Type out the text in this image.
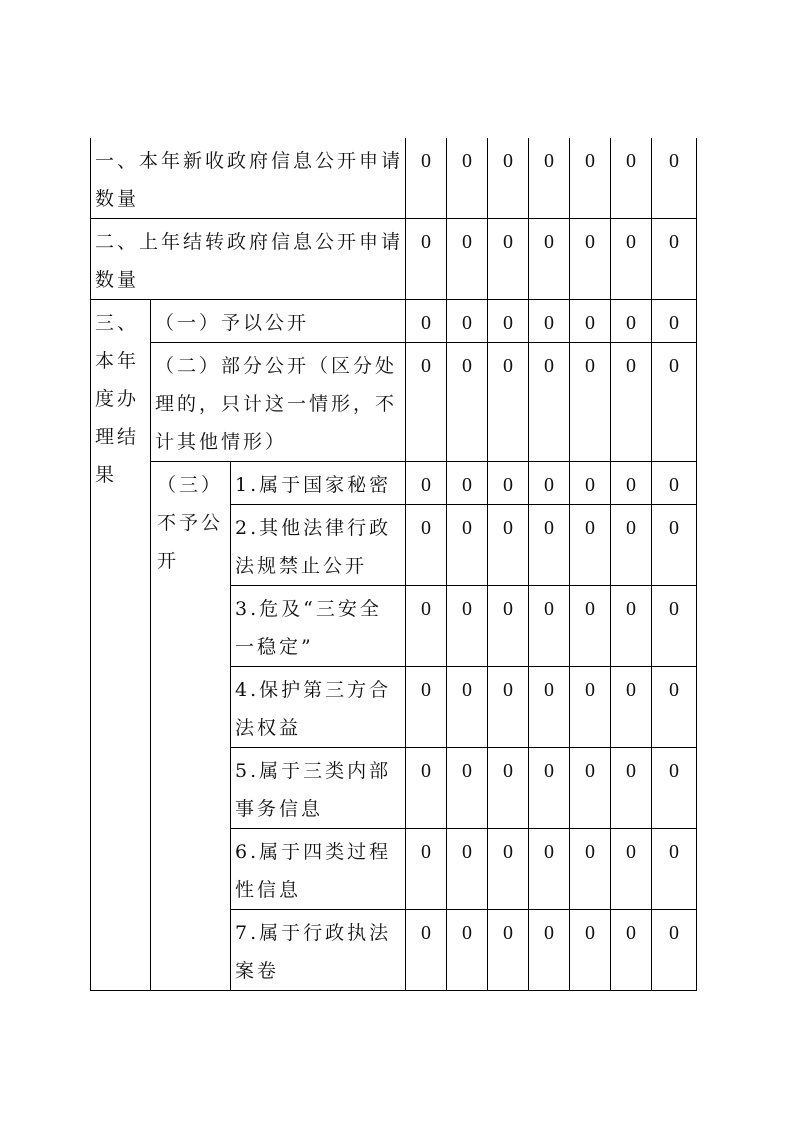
一、本年新收政府信息公开申请数量			0	0	0	0	0	0	0
二、上年结转政府信息公开申请数量			0	0	0	0	0	0	0
三、本年度办理结果	（一）予以公开		0	0	0	0	0	0	0
	（二）部分公开（区分处理的，只计这一情形，不计其他情形）		0	0	0	0	0	0	0
	（三）不予公开	1.属于国家秘密	0	0	0	0	0	0	0
		2.其他法律行政法规禁止公开	0	0	0	0	0	0	0
		3.危及“三安全一稳定”	0	0	0	0	0	0	0
		4.保护第三方合法权益	0	0	0	0	0	0	0
		5.属于三类内部事务信息	0	0	0	0	0	0	0
		6.属于四类过程性信息	0	0	0	0	0	0	0
		7.属于行政执法案卷	0	0	0	0	0	0	0
